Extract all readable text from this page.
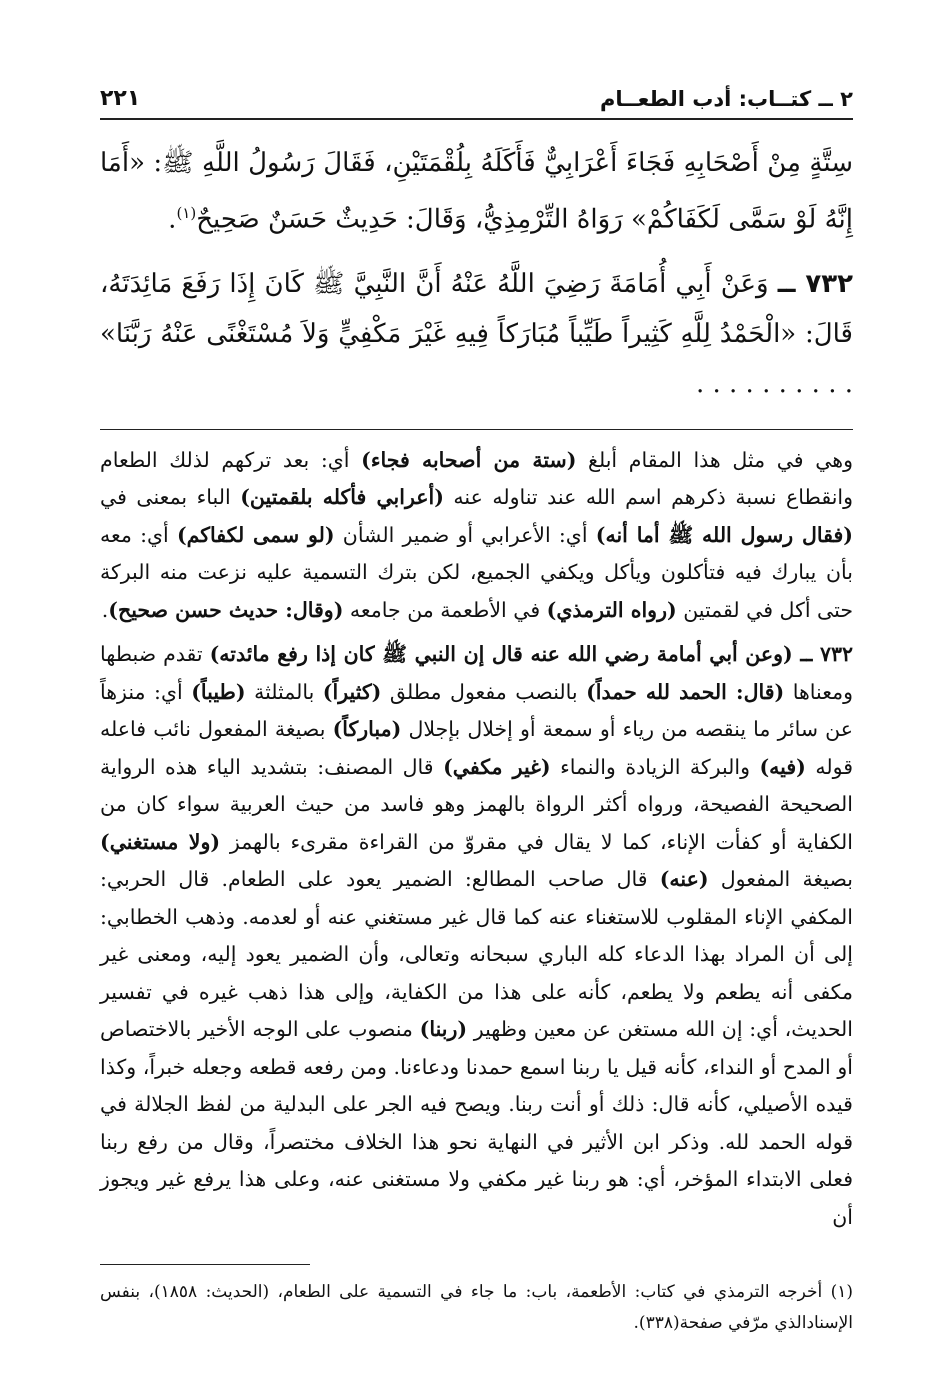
٢ ــ كتــاب: أدب الطعــام
٢٢١

سِتَّةٍ مِنْ أَصْحَابِهِ فَجَاءَ أَعْرَابِيٌّ فَأَكَلَهُ بِلُقْمَتَيْنِ، فَقَالَ رَسُولُ اللَّهِ ﷺ: «أَمَا إِنَّهُ لَوْ سَمَّى لَكَفَاكُمْ» رَوَاهُ التِّرْمِذِيُّ، وَقَالَ: حَدِيثٌ حَسَنٌ صَحِيحٌ$^{(١)}$.

٧٣٢ ــ وَعَنْ أَبِي أُمَامَةَ رَضِيَ اللَّهُ عَنْهُ أَنَّ النَّبِيَّ ﷺ كَانَ إِذَا رَفَعَ مَائِدَتَهُ، قَالَ: «الْحَمْدُ لِلَّهِ كَثِيراً طَيِّباً مُبَارَكاً فِيهِ غَيْرَ مَكْفِيٍّ وَلاَ مُسْتَغْنًى عَنْهُ رَبَّنَا» . . . . . . . . . .

وهي في مثل هذا المقام أبلغ (ستة من أصحابه فجاء) أي: بعد تركهم لذلك الطعام وانقطاع نسبة ذكرهم اسم الله عند تناوله عنه (أعرابي فأكله بلقمتين) الباء بمعنى في (فقال رسول الله ﷺ أما أنه) أي: الأعرابي أو ضمير الشأن (لو سمى لكفاكم) أي: معه بأن يبارك فيه فتأكلون ويأكل ويكفي الجميع، لكن بترك التسمية عليه نزعت منه البركة حتى أكل في لقمتين (رواه الترمذي) في الأطعمة من جامعه (وقال: حديث حسن صحيح).

٧٣٢ ــ (وعن أبي أمامة رضي الله عنه قال إن النبي ﷺ كان إذا رفع مائدته) تقدم ضبطها ومعناها (قال: الحمد لله حمداً) بالنصب مفعول مطلق (كثيراً) بالمثلثة (طيباً) أي: منزهاً عن سائر ما ينقصه من رياء أو سمعة أو إخلال بإجلال (مباركاً) بصيغة المفعول نائب فاعله قوله (فيه) والبركة الزيادة والنماء (غير مكفي) قال المصنف: بتشديد الياء هذه الرواية الصحيحة الفصيحة، ورواه أكثر الرواة بالهمز وهو فاسد من حيث العربية سواء كان من الكفاية أو كفأت الإناء، كما لا يقال في مقروّ من القراءة مقرىء بالهمز (ولا مستغني) بصيغة المفعول (عنه) قال صاحب المطالع: الضمير يعود على الطعام. قال الحربي: المكفي الإناء المقلوب للاستغناء عنه كما قال غير مستغني عنه أو لعدمه. وذهب الخطابي: إلى أن المراد بهذا الدعاء كله الباري سبحانه وتعالى، وأن الضمير يعود إليه، ومعنى غير مكفى أنه يطعم ولا يطعم، كأنه على هذا من الكفاية، وإلى هذا ذهب غيره في تفسير الحديث، أي: إن الله مستغن عن معين وظهير (ربنا) منصوب على الوجه الأخير بالاختصاص أو المدح أو النداء، كأنه قيل يا ربنا اسمع حمدنا ودعاءنا. ومن رفعه قطعه وجعله خبراً، وكذا قيده الأصيلي، كأنه قال: ذلك أو أنت ربنا. ويصح فيه الجر على البدلية من لفظ الجلالة في قوله الحمد لله. وذكر ابن الأثير في النهاية نحو هذا الخلاف مختصراً، وقال من رفع ربنا فعلى الابتداء المؤخر، أي: هو ربنا غير مكفي ولا مستغنى عنه، وعلى هذا يرفع غير ويجوز أن

(١) أخرجه الترمذي في كتاب: الأطعمة، باب: ما جاء في التسمية على الطعام، (الحديث: ١٨٥٨)، بنفس الإسنادالذي مرّفي صفحة(٣٣٨).
